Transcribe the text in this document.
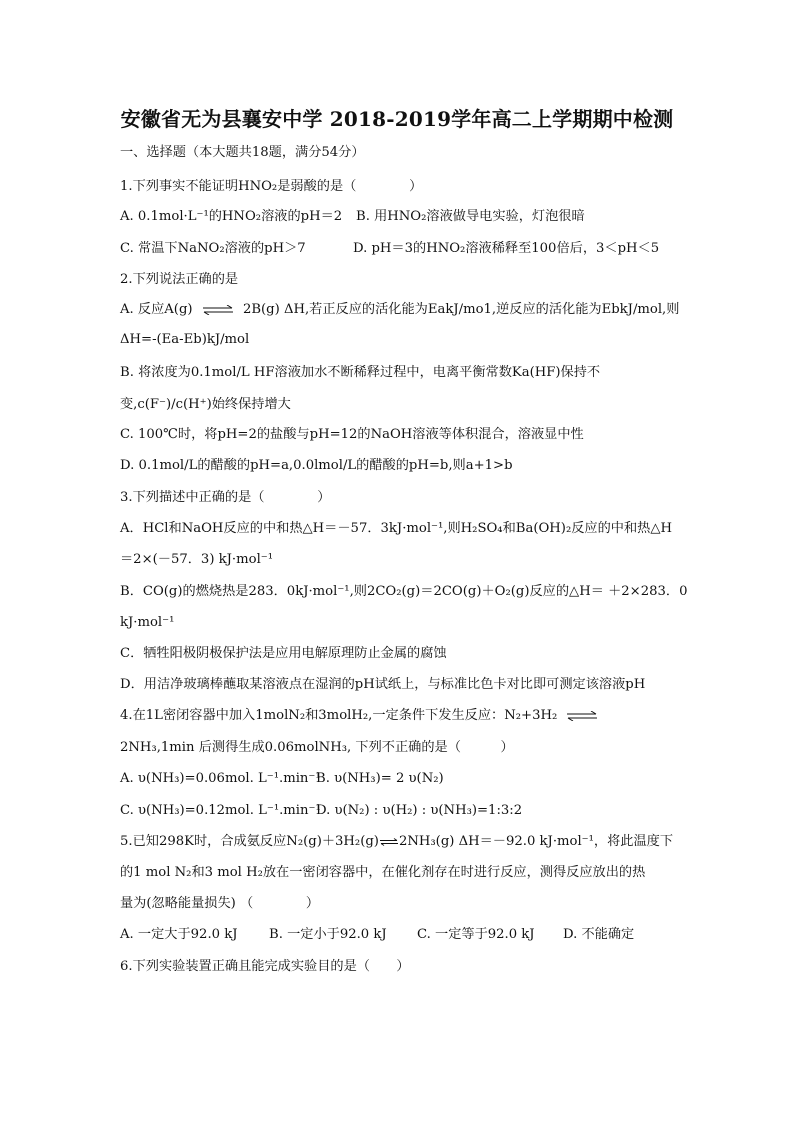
安徽省无为县襄安中学 2018-2019学年高二上学期期中检测
一、选择题（本大题共18题，满分54分）
1.下列事实不能证明HNO₂是弱酸的是（　　　　）
A. 0.1mol·L⁻¹的HNO₂溶液的pH＝2 B. 用HNO₂溶液做导电实验，灯泡很暗
C. 常温下NaNO₂溶液的pH＞7	D. pH＝3的HNO₂溶液稀释至100倍后，3＜pH＜5
2.下列说法正确的是
A. 反应A(g) ⇌ 2B(g) ΔH,若正反应的活化能为EakJ/mo1,逆反应的活化能为EbkJ/mol,则
ΔH=-(Ea-Eb)kJ/mol
B. 将浓度为0.1mol/L HF溶液加水不断稀释过程中，电离平衡常数Ka(HF)保持不
变,c(F⁻)/c(H⁺)始终保持增大
C. 100℃时，将pH=2的盐酸与pH=12的NaOH溶液等体积混合，溶液显中性
D. 0.1mol/L的醋酸的pH=a,0.0lmol/L的醋酸的pH=b,则a+1>b
3.下列描述中正确的是（　　　　）
A．HCl和NaOH反应的中和热△H＝－57．3kJ·mol⁻¹,则H₂SO₄和Ba(OH)₂反应的中和热△H
＝2×(－57．3) kJ·mol⁻¹
B．CO(g)的燃烧热是283．0kJ·mol⁻¹,则2CO₂(g)＝2CO(g)＋O₂(g)反应的△H＝ ＋2×283．0
kJ·mol⁻¹
C．牺牲阳极阴极保护法是应用电解原理防止金属的腐蚀
D．用洁净玻璃棒蘸取某溶液点在湿润的pH试纸上，与标准比色卡对比即可测定该溶液pH
4.在1L密闭容器中加入1molN₂和3molH₂,一定条件下发生反应：N₂+3H₂ ⇌
2NH₃,1min 后测得生成0.06molNH₃, 下列不正确的是（　　　）
A. υ(NH₃)=0.06mol. L⁻¹.min⁻¹
B. υ(NH₃)= 2 υ(N₂)
C. υ(NH₃)=0.12mol. L⁻¹.min⁻¹
D. υ(N₂) : υ(H₂) : υ(NH₃)=1:3:2
5.已知298K时，合成氨反应N₂(g)＋3H₂(g)⇌2NH₃(g) ΔH＝－92.0 kJ·mol⁻¹，将此温度下
的1 mol N₂和3 mol H₂放在一密闭容器中，在催化剂存在时进行反应，测得反应放出的热
量为(忽略能量损失) （　　　　）
A. 一定大于92.0 kJ B. 一定小于92.0 kJ C. 一定等于92.0 kJ D. 不能确定
6.下列实验装置正确且能完成实验目的是（　　）
